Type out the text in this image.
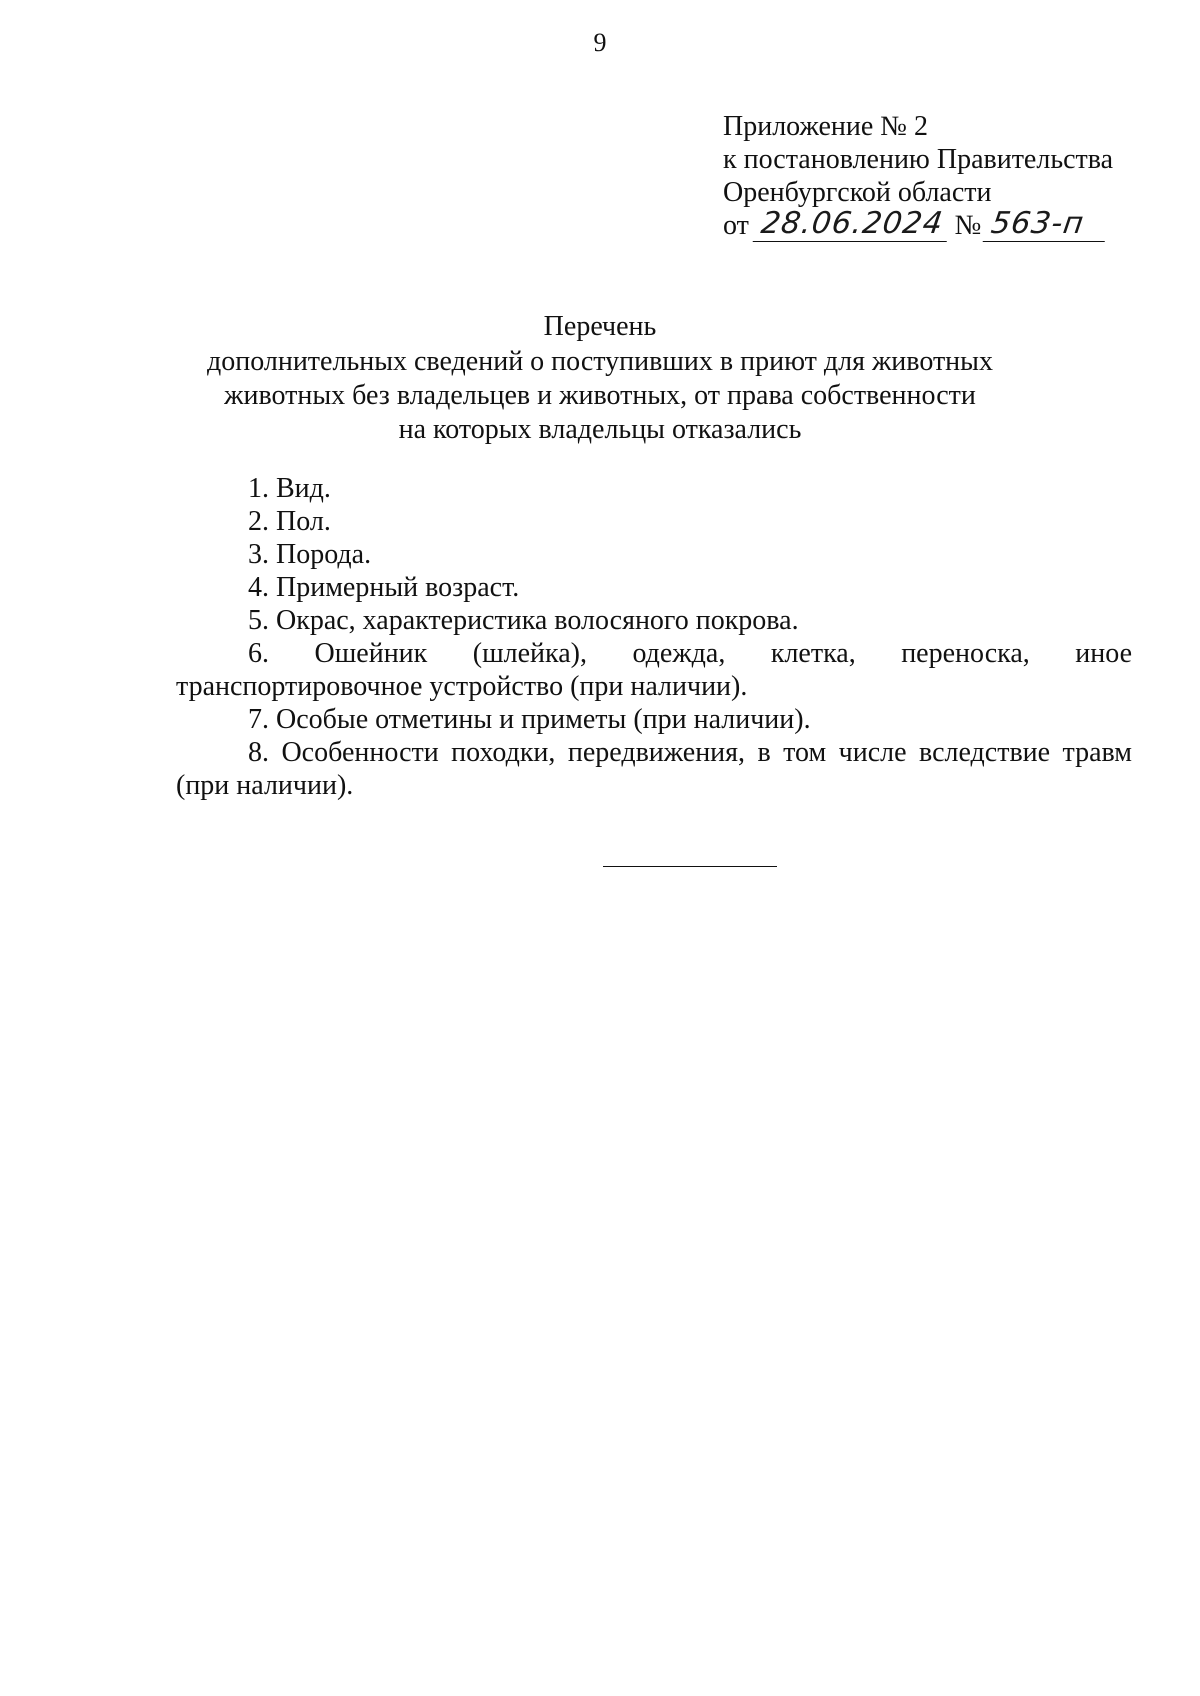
9
Приложение № 2
к постановлению Правительства
Оренбургской области
от 28.06.2024 № 563-п
Перечень
дополнительных сведений о поступивших в приют для животных
животных без владельцев и животных, от права собственности
на которых владельцы отказались
1. Вид.
2. Пол.
3. Порода.
4. Примерный возраст.
5. Окрас, характеристика волосяного покрова.
6. Ошейник (шлейка), одежда, клетка, переноска, иное транспортировочное устройство (при наличии).
7. Особые отметины и приметы (при наличии).
8. Особенности походки, передвижения, в том числе вследствие травм (при наличии).
